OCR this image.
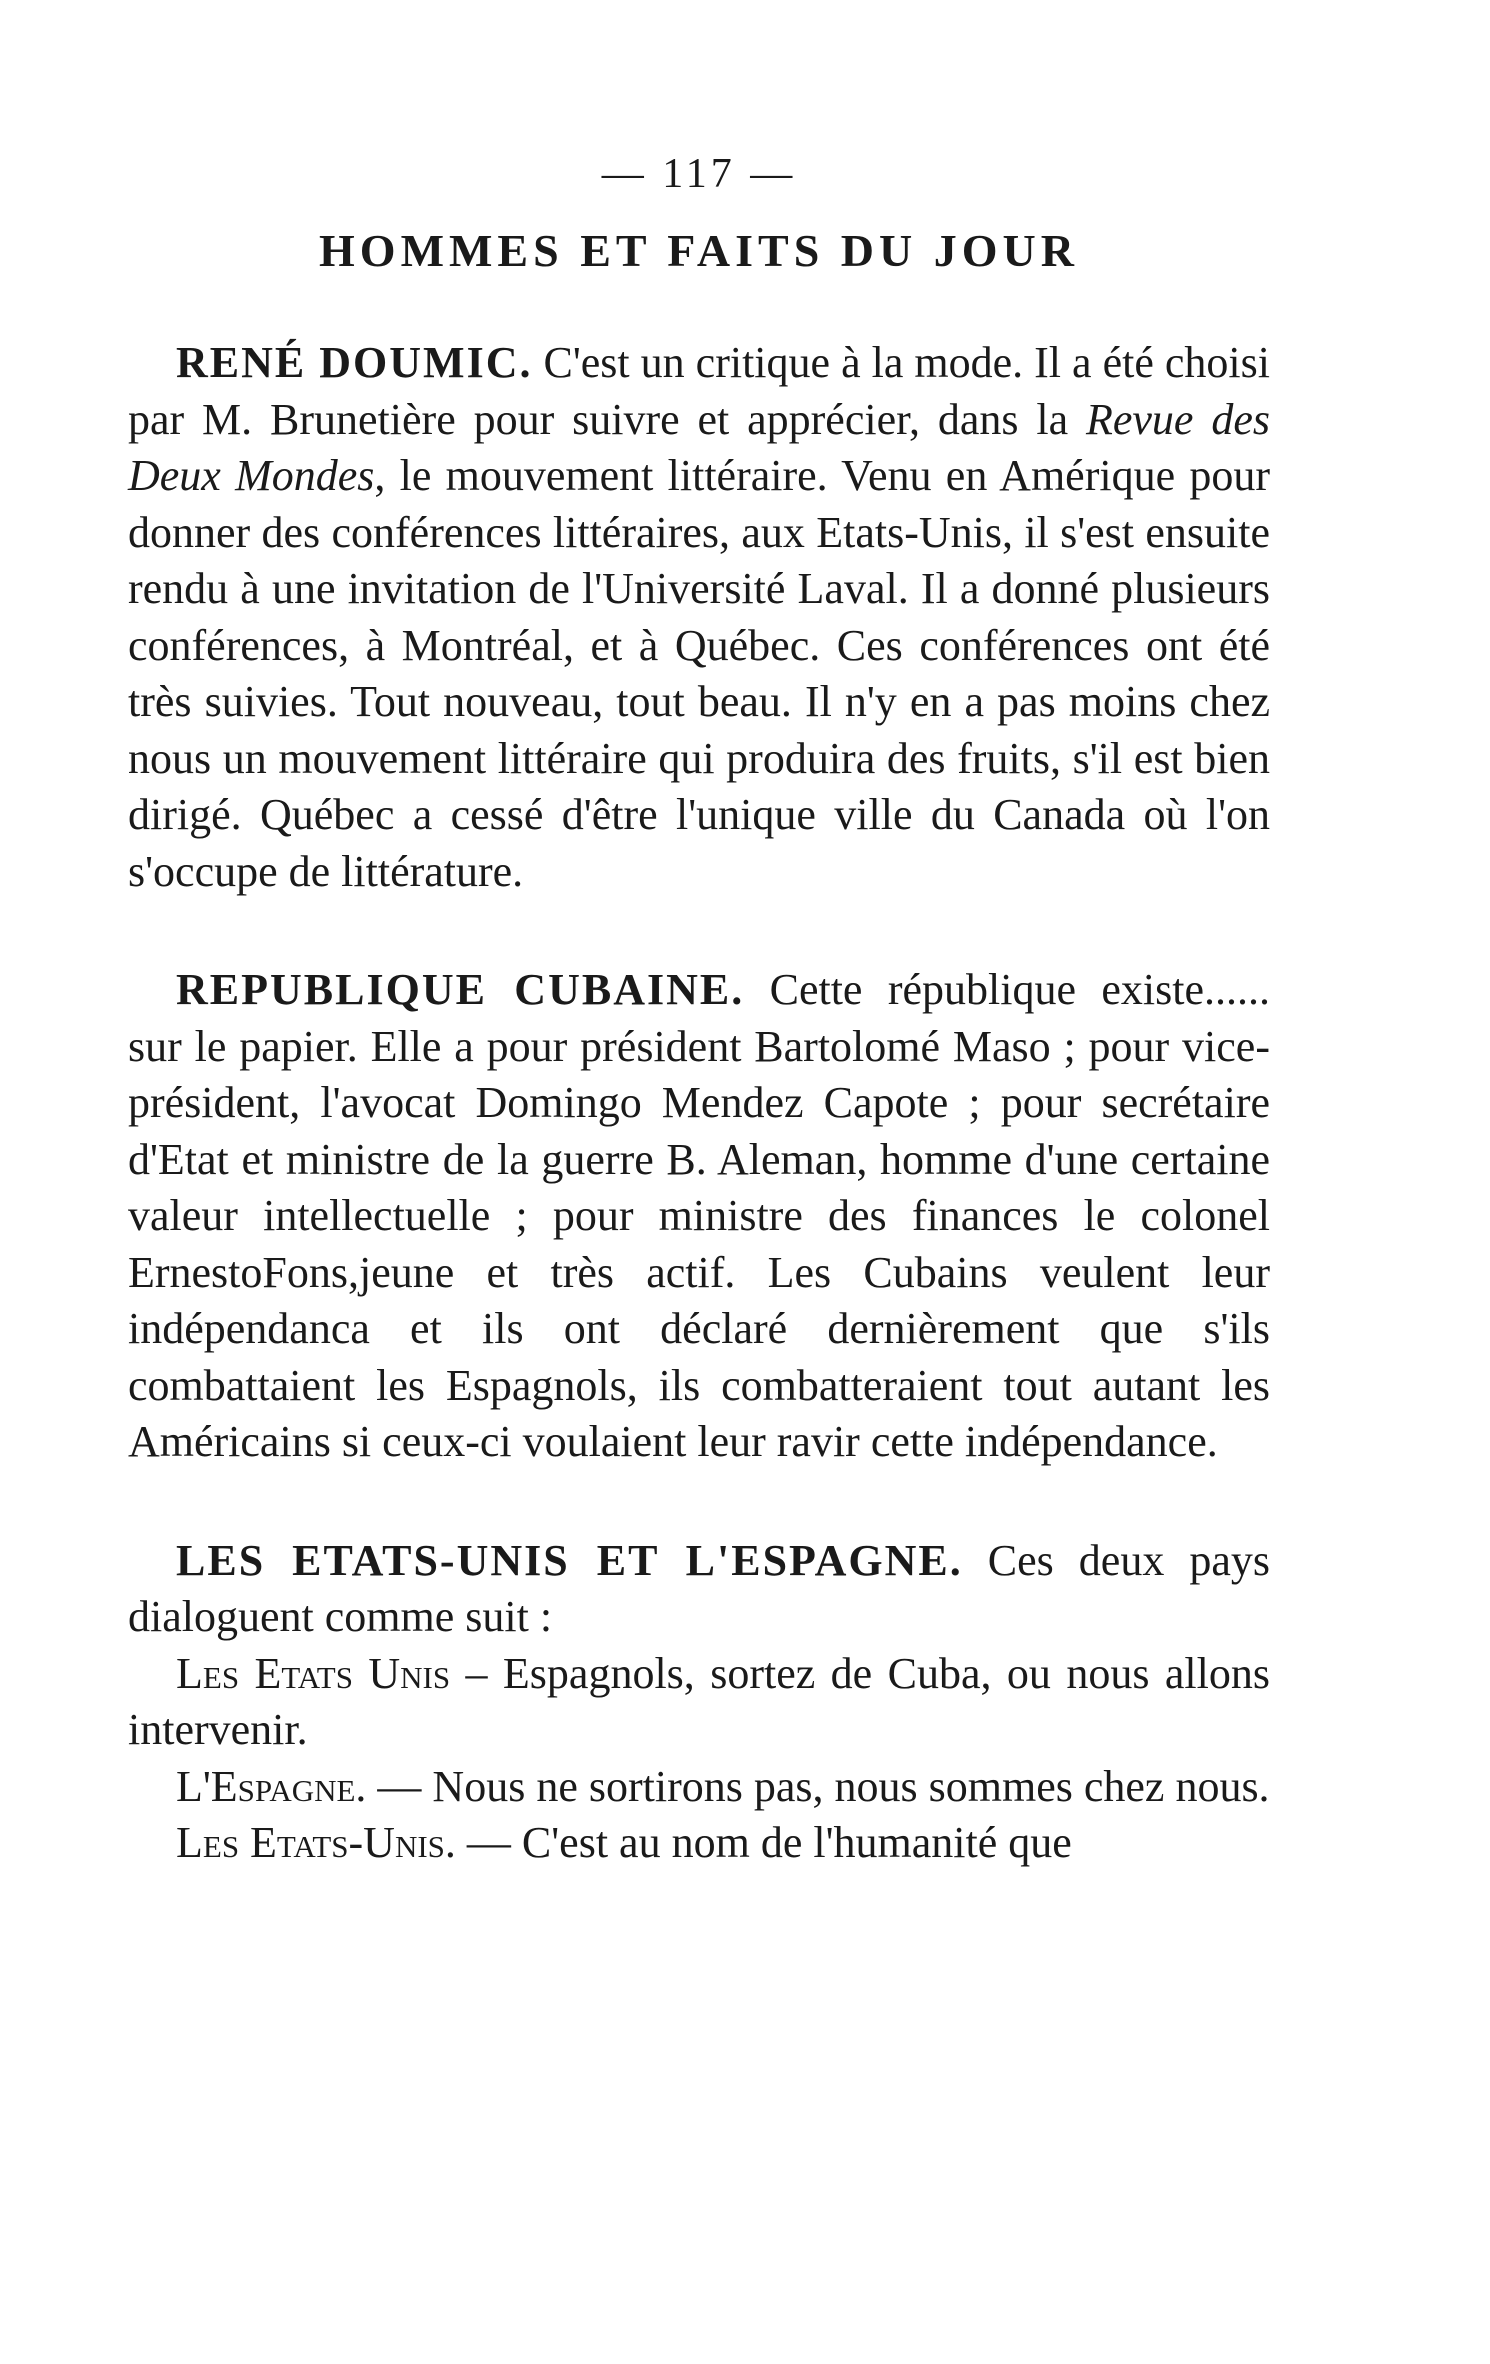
— 117 —
HOMMES ET FAITS DU JOUR

RENÉ DOUMIC. C'est un critique à la mode. Il a été choisi par M. Brunetière pour suivre et apprécier, dans la Revue des Deux Mondes, le mouvement littéraire. Venu en Amérique pour donner des conférences littéraires, aux Etats-Unis, il s'est ensuite rendu à une invitation de l'Université Laval. Il a donné plusieurs conférences, à Montréal, et à Québec. Ces conférences ont été très suivies. Tout nouveau, tout beau. Il n'y en a pas moins chez nous un mouvement littéraire qui produira des fruits, s'il est bien dirigé. Québec a cessé d'être l'unique ville du Canada où l'on s'occupe de littérature.

REPUBLIQUE CUBAINE. Cette république existe...... sur le papier. Elle a pour président Bartolomé Maso ; pour vice-président, l'avocat Domingo Mendez Capote ; pour secrétaire d'Etat et ministre de la guerre B. Aleman, homme d'une certaine valeur intellectuelle ; pour ministre des finances le colonel ErnestoFons,jeune et très actif. Les Cubains veulent leur indépendanca et ils ont déclaré dernièrement que s'ils combattaient les Espagnols, ils combatteraient tout autant les Américains si ceux-ci voulaient leur ravir cette indépendance.

LES ETATS-UNIS ET L'ESPAGNE. Ces deux pays dialoguent comme suit :

Les Etats Unis – Espagnols, sortez de Cuba, ou nous allons intervenir.

L'Espagne. — Nous ne sortirons pas, nous sommes chez nous.

Les Etats-Unis. — C'est au nom de l'humanité que
